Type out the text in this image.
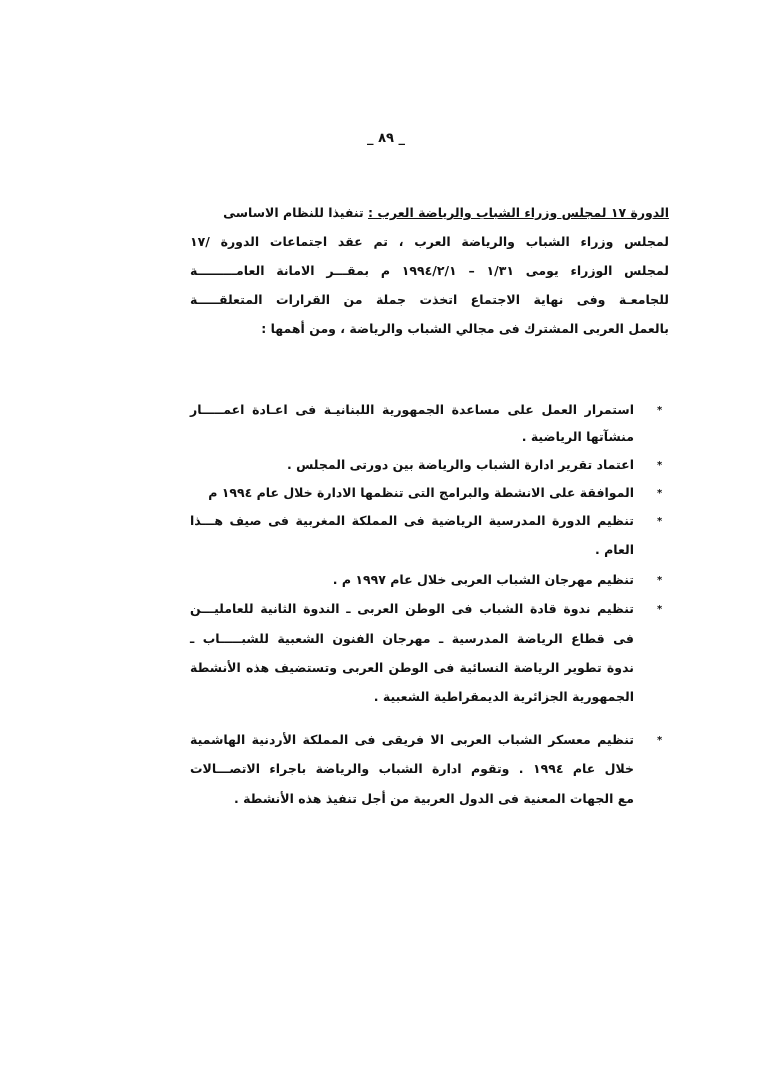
_ ٨٩ _
الدورة ١٧ لمجلس وزراء الشباب والرياضة العرب : تنفيذا للنظام الاساسى
لمجلس وزراء الشباب والرياضة العرب ، تم عقد اجتماعات الدورة /١٧
لمجلس الوزراء يومى ١/٣١ – ١٩٩٤/٢/١ م بمقـــر الامانة العامـــــــــة
للجامعـة وفى نهاية الاجتماع اتخذت جملة من القرارات المتعلقـــــة
بالعمل العربى المشترك فى مجالي الشباب والرياضة ، ومن أهمها :
*
استمرار العمل على مساعدة الجمهورية اللبنانيـة فى اعـادة اعمـــــار
منشآتها الرياضية .
*
اعتماد تقرير ادارة الشباب والرياضة بين دورتى المجلس .
*
الموافقة على الانشطة والبرامج التى تنظمها الادارة خلال عام ١٩٩٤ م
*
تنظيم الدورة المدرسية الرياضية فى المملكة المغربية فى صيف هـــذا
العام .
*
تنظيم مهرجان الشباب العربى خلال عام ١٩٩٧ م .
*
تنظيم ندوة قادة الشباب فى الوطن العربى ـ الندوة الثانية للعامليـــن
فى قطاع الرياضة المدرسية ـ مهرجان الفنون الشعبية للشبـــــاب ـ
ندوة تطوير الرياضة النسائية فى الوطن العربى وتستضيف هذه الأنشطة
الجمهورية الجزائرية الديمقراطية الشعبية .
*
تنظيم معسكر الشباب العربى الا فريقى فى المملكة الأردنية الهاشمية
خلال عام ١٩٩٤ . وتقوم ادارة الشباب والرياضة باجراء الاتصـــالات
مع الجهات المعنية فى الدول العربية من أجل تنفيذ هذه الأنشطة .
